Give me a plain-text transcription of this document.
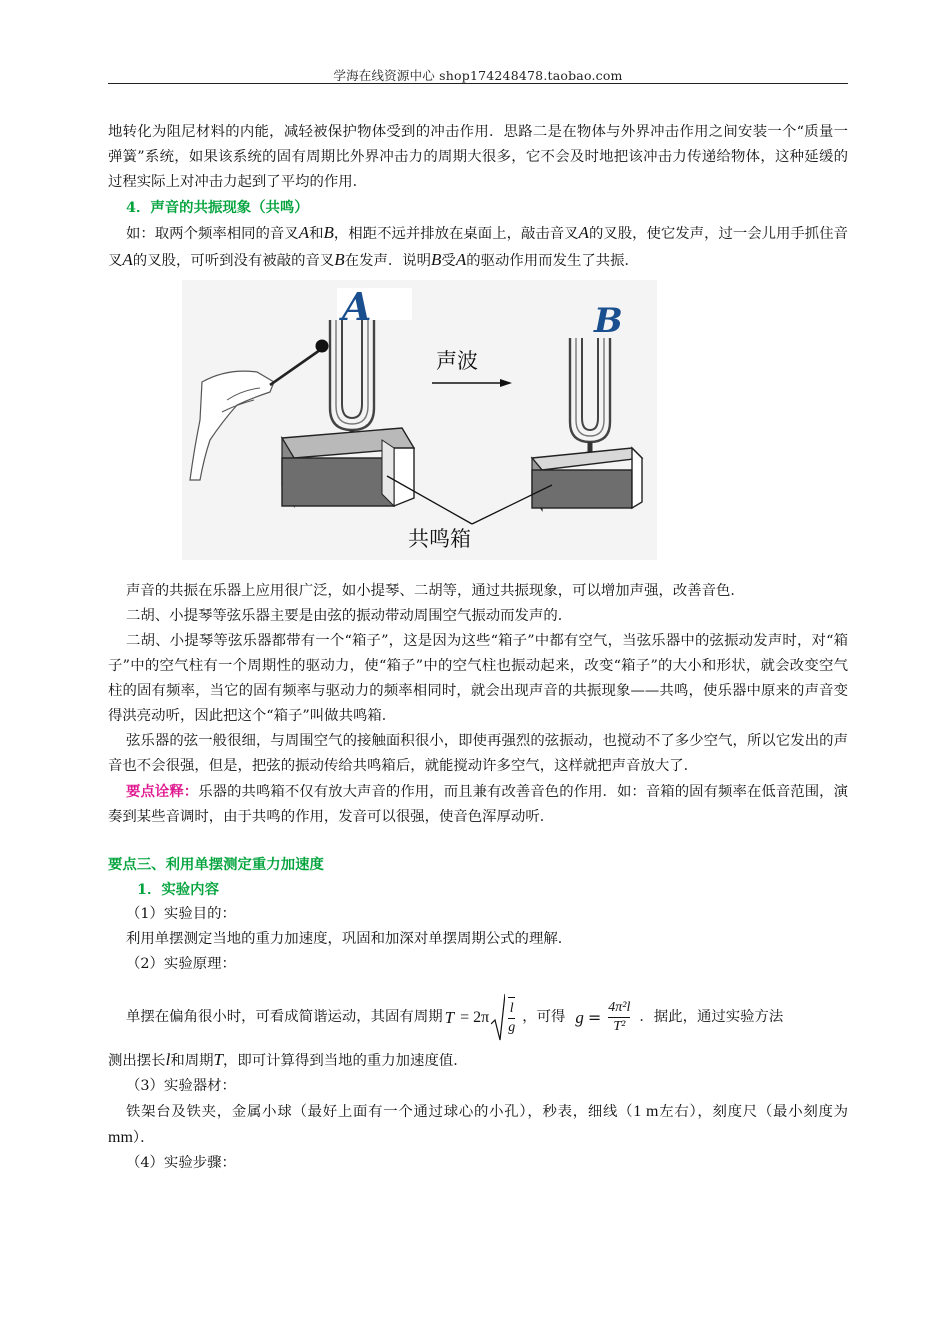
学海在线资源中心 shop174248478.taobao.com

地转化为阻尼材料的内能，减轻被保护物体受到的冲击作用．思路二是在物体与外界冲击作用之间安装一个“质量一弹簧”系统，如果该系统的固有周期比外界冲击力的周期大很多，它不会及时地把该冲击力传递给物体，这种延缓的过程实际上对冲击力起到了平均的作用．

4．声音的共振现象（共鸣）

如：取两个频率相同的音叉A和B，相距不远并排放在桌面上，敲击音叉A的叉股，使它发声，过一会儿用手抓住音叉A的叉股，可听到没有被敲的音叉B在发声．说明B受A的驱动作用而发生了共振．

A	B
声波
共鸣箱

声音的共振在乐器上应用很广泛，如小提琴、二胡等，通过共振现象，可以增加声强，改善音色．

二胡、小提琴等弦乐器主要是由弦的振动带动周围空气振动而发声的．

二胡、小提琴等弦乐器都带有一个“箱子”，这是因为这些“箱子”中都有空气，当弦乐器中的弦振动发声时，对“箱子”中的空气柱有一个周期性的驱动力，使“箱子”中的空气柱也振动起来，改变“箱子”的大小和形状，就会改变空气柱的固有频率，当它的固有频率与驱动力的频率相同时，就会出现声音的共振现象——共鸣，使乐器中原来的声音变得洪亮动听，因此把这个“箱子”叫做共鸣箱．

弦乐器的弦一般很细，与周围空气的接触面积很小，即使再强烈的弦振动，也搅动不了多少空气，所以它发出的声音也不会很强，但是，把弦的振动传给共鸣箱后，就能搅动许多空气，这样就把声音放大了．

要点诠释：乐器的共鸣箱不仅有放大声音的作用，而且兼有改善音色的作用．如：音箱的固有频率在低音范围，演奏到某些音调时，由于共鸣的作用，发音可以很强，使音色浑厚动听．

要点三、利用单摆测定重力加速度

1．实验内容

（1）实验目的：

利用单摆测定当地的重力加速度，巩固和加深对单摆周期公式的理解．

（2）实验原理：

单摆在偏角很小时，可看成简谐运动，其固有周期 $T = 2\pi \frac{l}{g}$ ，可得 $g = \frac{\text{4π²l}}{\text{T²}}$ ．据此，通过实验方法

测出摆长l和周期T，即可计算得到当地的重力加速度值．

（3）实验器材：

铁架台及铁夹，金属小球（最好上面有一个通过球心的小孔），秒表，细线（1 m左右），刻度尺（最小刻度为mm）．

（4）实验步骤：
